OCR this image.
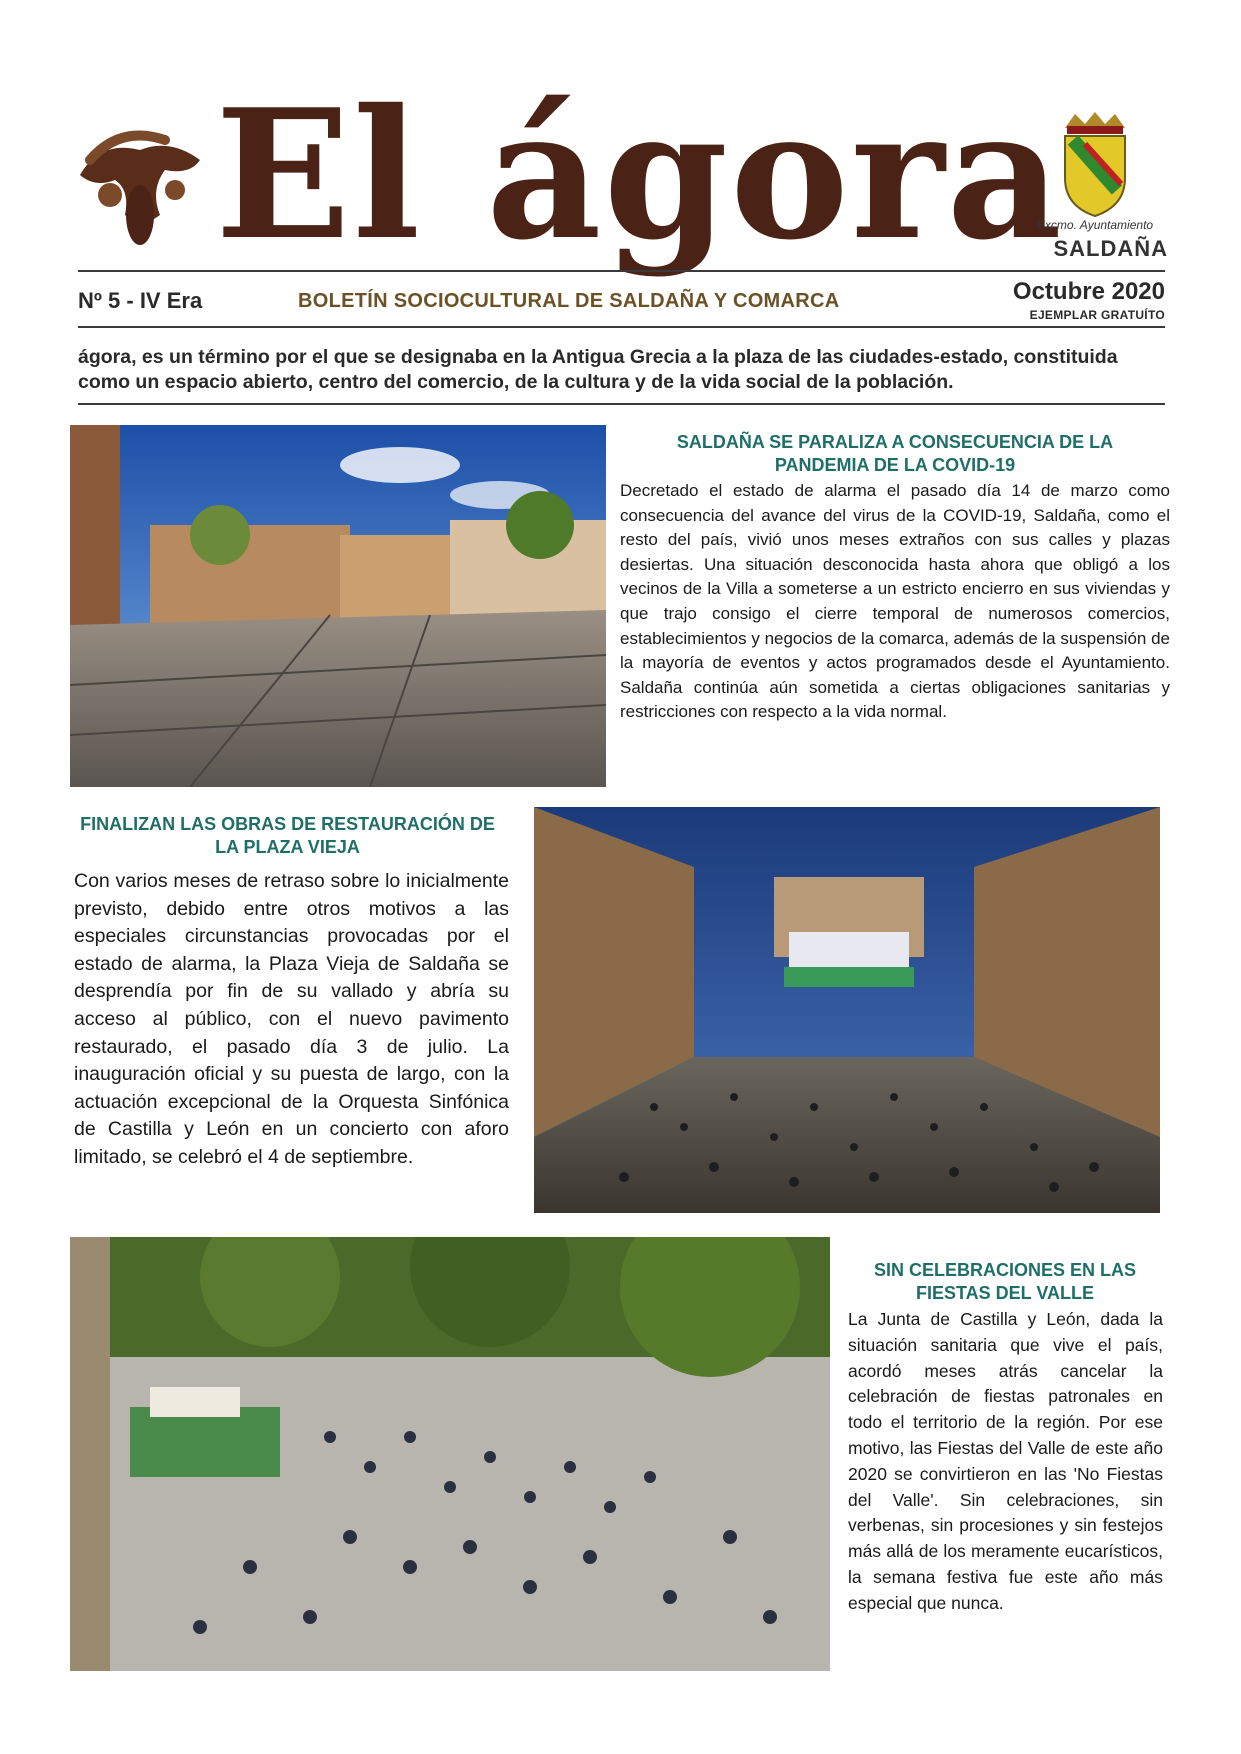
El ágora
Excmo. Ayuntamiento
SALDAÑA
Nº 5 - IV Era	BOLETÍN SOCIOCULTURAL DE SALDAÑA Y COMARCA	Octubre 2020
EJEMPLAR GRATUÍTO
ágora, es un término por el que se designaba en la Antigua Grecia a la plaza de las ciudades-estado, constituida como un espacio abierto, centro del comercio, de la cultura y de la vida social de la población.
SALDAÑA SE PARALIZA A CONSECUENCIA DE LA PANDEMIA DE LA COVID-19
Decretado el estado de alarma el pasado día 14 de marzo como consecuencia del avance del virus de la COVID-19, Saldaña, como el resto del país, vivió unos meses extraños con sus calles y plazas desiertas. Una situación desconocida hasta ahora que obligó a los vecinos de la Villa a someterse a un estricto encierro en sus viviendas y que trajo consigo el cierre temporal de numerosos comercios, establecimientos y negocios de la comarca, además de la suspensión de la mayoría de eventos y actos programados desde el Ayuntamiento. Saldaña continúa aún sometida a ciertas obligaciones sanitarias y restricciones con respecto a la vida normal.
FINALIZAN LAS OBRAS DE RESTAURACIÓN DE LA PLAZA VIEJA
Con varios meses de retraso sobre lo inicialmente previsto, debido entre otros motivos a las especiales circunstancias provocadas por el estado de alarma, la Plaza Vieja de Saldaña se desprendía por fin de su vallado y abría su acceso al público, con el nuevo pavimento restaurado, el pasado día 3 de julio. La inauguración oficial y su puesta de largo, con la actuación excepcional de la Orquesta Sinfónica de Castilla y León en un concierto con aforo limitado, se celebró el 4 de septiembre.
SIN CELEBRACIONES EN LAS FIESTAS DEL VALLE
La Junta de Castilla y León, dada la situación sanitaria que vive el país, acordó meses atrás cancelar la celebración de fiestas patronales en todo el territorio de la región. Por ese motivo, las Fiestas del Valle de este año 2020 se convirtieron en las 'No Fiestas del Valle'. Sin celebraciones, sin verbenas, sin procesiones y sin festejos más allá de los meramente eucarísticos, la semana festiva fue este año más especial que nunca.
